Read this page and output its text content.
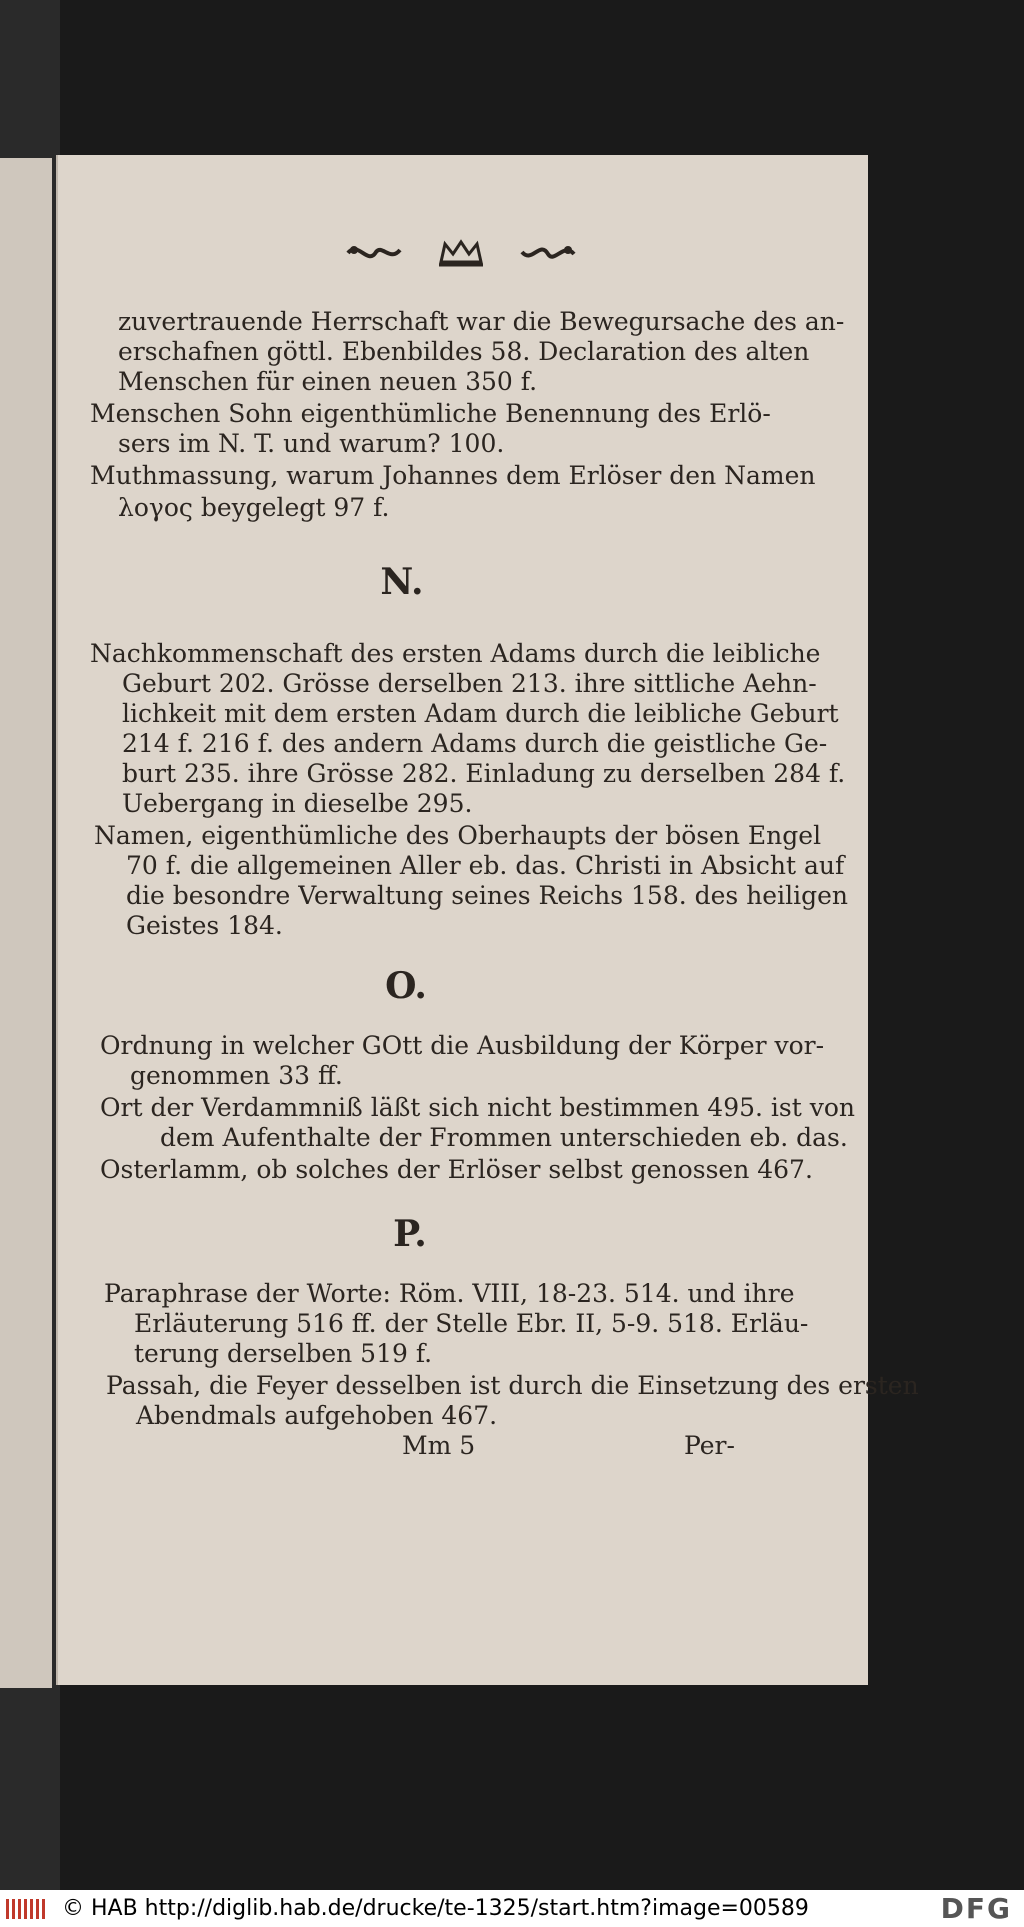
zuvertrauende Herrschaft war die Bewegursache des an-
erschafnen göttl. Ebenbildes 58. Declaration des alten
Menschen für einen neuen 350 f.
Menschen Sohn eigenthümliche Benennung des Erlö-
sers im N. T. und warum? 100.
Muthmassung, warum Johannes dem Erlöser den Namen
λογος beygelegt 97 f.
N.
Nachkommenschaft des ersten Adams durch die leibliche
Geburt 202. Grösse derselben 213. ihre sittliche Aehn-
lichkeit mit dem ersten Adam durch die leibliche Geburt
214 f. 216 f. des andern Adams durch die geistliche Ge-
burt 235. ihre Grösse 282. Einladung zu derselben 284 f.
Uebergang in dieselbe 295.
Namen, eigenthümliche des Oberhaupts der bösen Engel
70 f. die allgemeinen Aller eb. das. Christi in Absicht auf
die besondre Verwaltung seines Reichs 158. des heiligen
Geistes 184.
O.
Ordnung in welcher GOtt die Ausbildung der Körper vor-
genommen 33 ff.
Ort der Verdammniß läßt sich nicht bestimmen 495. ist von
dem Aufenthalte der Frommen unterschieden eb. das.
Osterlamm, ob solches der Erlöser selbst genossen 467.
P.
Paraphrase der Worte: Röm. VIII, 18-23. 514. und ihre
Erläuterung 516 ff. der Stelle Ebr. II, 5-9. 518. Erläu-
terung derselben 519 f.
Passah, die Feyer desselben ist durch die Einsetzung des ersten
Abendmals aufgehoben 467.
Mm 5	Per-
© HAB http://diglib.hab.de/drucke/te-1325/start.htm?image=00589	DFG
